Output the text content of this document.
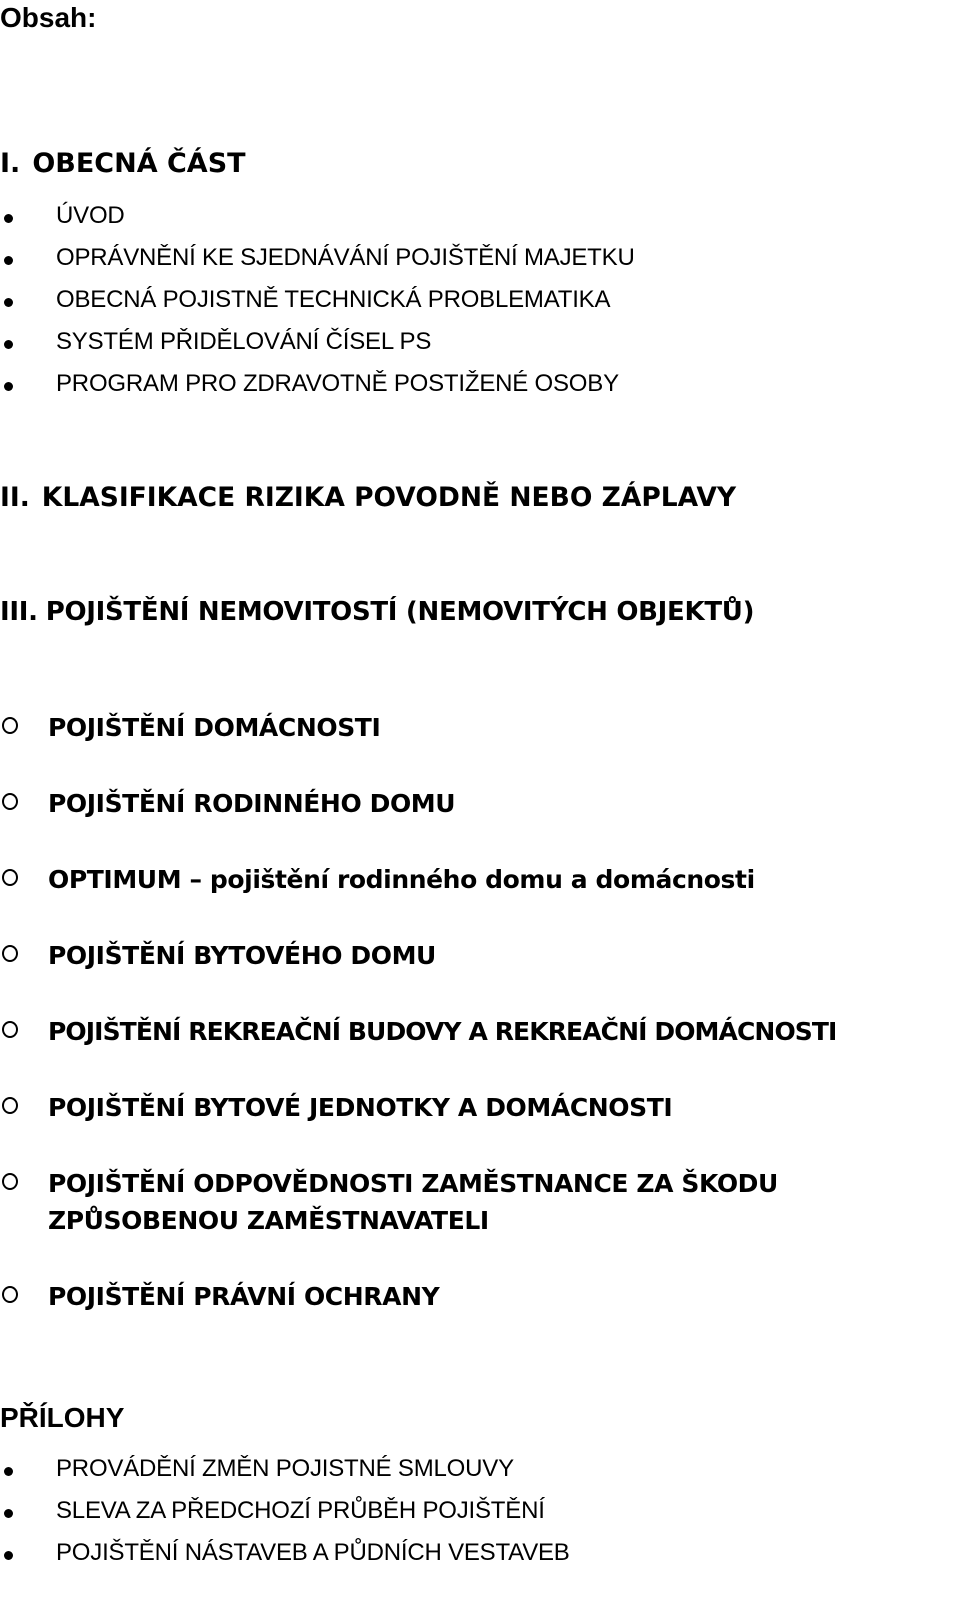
Obsah:
I. OBECNÁ ČÁST
ÚVOD
OPRÁVNĚNÍ KE SJEDNÁVÁNÍ POJIŠTĚNÍ MAJETKU
OBECNÁ POJISTNĚ TECHNICKÁ PROBLEMATIKA
SYSTÉM PŘIDĚLOVÁNÍ ČÍSEL PS
PROGRAM PRO ZDRAVOTNĚ POSTIŽENÉ OSOBY
II. KLASIFIKACE RIZIKA POVODNĚ NEBO ZÁPLAVY
III. POJIŠTĚNÍ NEMOVITOSTÍ (NEMOVITÝCH OBJEKTŮ)
POJIŠTĚNÍ DOMÁCNOSTI
POJIŠTĚNÍ RODINNÉHO DOMU
OPTIMUM – pojištění rodinného domu a domácnosti
POJIŠTĚNÍ BYTOVÉHO DOMU
POJIŠTĚNÍ REKREAČNÍ BUDOVY A REKREAČNÍ DOMÁCNOSTI
POJIŠTĚNÍ BYTOVÉ JEDNOTKY A DOMÁCNOSTI
POJIŠTĚNÍ ODPOVĚDNOSTI ZAMĚSTNANCE ZA ŠKODU ZPŮSOBENOU ZAMĚSTNAVATELI
POJIŠTĚNÍ PRÁVNÍ OCHRANY
PŘÍLOHY
PROVÁDĚNÍ ZMĚN POJISTNÉ SMLOUVY
SLEVA ZA PŘEDCHOZÍ PRŮBĚH POJIŠTĚNÍ
POJIŠTĚNÍ NÁSTAVEB A PŮDNÍCH VESTAVEB
